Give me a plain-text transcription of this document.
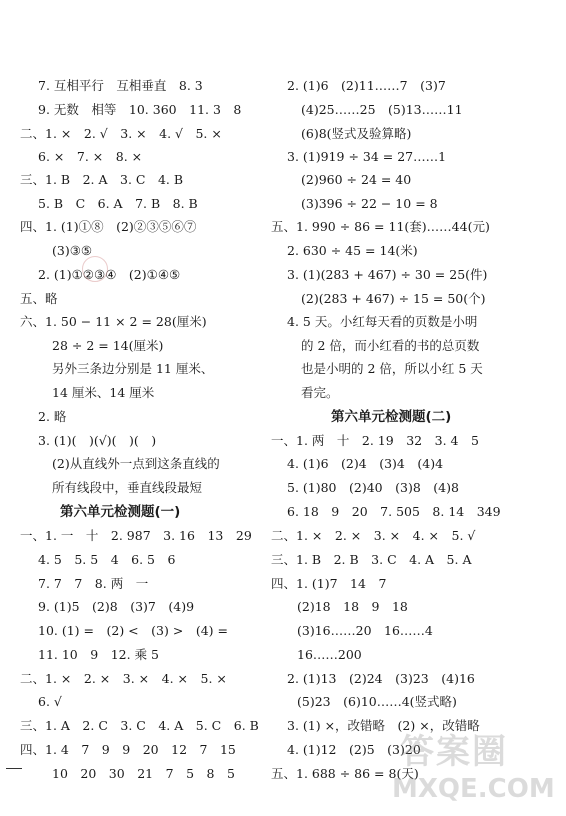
7. 互相平行　互相垂直　8. 3
9. 无数　相等　10. 360　11. 3　8
二、1. ×　2. √　3. ×　4. √　5. ×
6. ×　7. ×　8. ×
三、1. B　2. A　3. C　4. B
5. B　C　6. A　7. B　8. B
四、1. (1)①⑧　(2)②③⑤⑥⑦
(3)③⑤
2. (1)①②③④　(2)①④⑤
五、略
六、1. 50 − 11 × 2 = 28(厘米)
28 ÷ 2 = 14(厘米)
另外三条边分别是 11 厘米、
14 厘米、14 厘米
2. 略
3. (1)(　)(√)(　)(　)
(2)从直线外一点到这条直线的
所有线段中，垂直线段最短
第六单元检测题(一)
一、1. 一　十　2. 987　3. 16　13　29
4. 5　5. 5　4　6. 5　6
7. 7　7　8. 两　一
9. (1)5　(2)8　(3)7　(4)9
10. (1) =　(2) <　(3) >　(4) =
11. 10　9　12. 乘 5
二、1. ×　2. ×　3. ×　4. ×　5. ×
6. √
三、1. A　2. C　3. C　4. A　5. C　6. B
四、1. 4　7　9　9　20　12　7　15
10　20　30　21　7　5　8　5
2. (1)6　(2)11……7　(3)7
(4)25……25　(5)13……11
(6)8(竖式及验算略)
3. (1)919 ÷ 34 = 27……1
(2)960 ÷ 24 = 40
(3)396 ÷ 22 − 10 = 8
五、1. 990 ÷ 86 = 11(套)……44(元)
2. 630 ÷ 45 = 14(米)
3. (1)(283 + 467) ÷ 30 = 25(件)
(2)(283 + 467) ÷ 15 = 50(个)
4. 5 天。小红每天看的页数是小明
的 2 倍，而小红看的书的总页数
也是小明的 2 倍，所以小红 5 天
看完。
第六单元检测题(二)
一、1. 两　十　2. 19　32　3. 4　5
4. (1)6　(2)4　(3)4　(4)4
5. (1)80　(2)40　(3)8　(4)8
6. 18　9　20　7. 505　8. 14　349
二、1. ×　2. ×　3. ×　4. ×　5. √
三、1. B　2. B　3. C　4. A　5. A
四、1. (1)7　14　7
(2)18　18　9　18
(3)16……20　16……4
16……200
2. (1)13　(2)24　(3)23　(4)16
(5)23　(6)10……4(竖式略)
3. (1) ×，改错略　(2) ×，改错略
4. (1)12　(2)5　(3)20
五、1. 688 ÷ 86 = 8(天)
答案圈
MXQE.COM
